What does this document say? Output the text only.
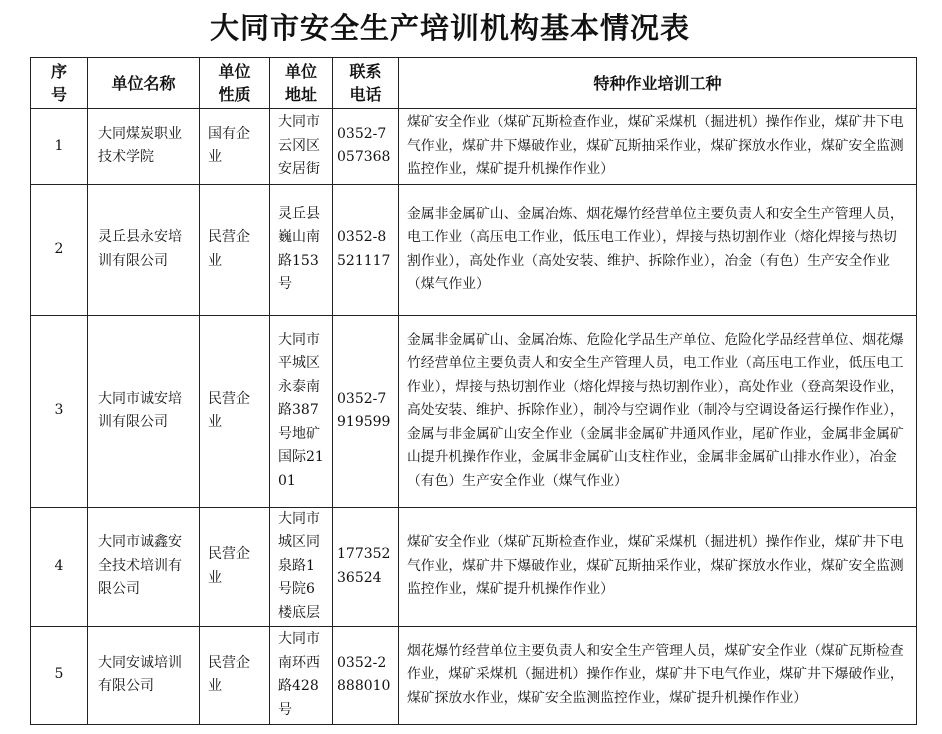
大同市安全生产培训机构基本情况表
序号	单位名称	单位性质	单位地址	联系电话	特种作业培训工种
1	大同煤炭职业技术学院	国有企业	大同市云冈区安居街	0352-7057368	煤矿安全作业（煤矿瓦斯检查作业，煤矿采煤机（掘进机）操作作业，煤矿井下电气作业，煤矿井下爆破作业，煤矿瓦斯抽采作业，煤矿探放水作业，煤矿安全监测监控作业，煤矿提升机操作作业）
2	灵丘县永安培训有限公司	民营企业	灵丘县巍山南路153号	0352-8521117	金属非金属矿山、金属冶炼、烟花爆竹经营单位主要负责人和安全生产管理人员，电工作业（高压电工作业，低压电工作业），焊接与热切割作业（熔化焊接与热切割作业），高处作业（高处安装、维护、拆除作业），冶金（有色）生产安全作业（煤气作业）
3	大同市诚安培训有限公司	民营企业	大同市平城区永泰南路387号地矿国际2101	0352-7919599	金属非金属矿山、金属冶炼、危险化学品生产单位、危险化学品经营单位、烟花爆竹经营单位主要负责人和安全生产管理人员，电工作业（高压电工作业，低压电工作业），焊接与热切割作业（熔化焊接与热切割作业），高处作业（登高架设作业，高处安装、维护、拆除作业），制冷与空调作业（制冷与空调设备运行操作作业），金属与非金属矿山安全作业（金属非金属矿井通风作业，尾矿作业，金属非金属矿山提升机操作作业，金属非金属矿山支柱作业，金属非金属矿山排水作业），冶金（有色）生产安全作业（煤气作业）
4	大同市诚鑫安全技术培训有限公司	民营企业	大同市城区同泉路1号院6楼底层	17735236524	煤矿安全作业（煤矿瓦斯检查作业，煤矿采煤机（掘进机）操作作业，煤矿井下电气作业，煤矿井下爆破作业，煤矿瓦斯抽采作业，煤矿探放水作业，煤矿安全监测监控作业，煤矿提升机操作作业）
5	大同安诚培训有限公司	民营企业	大同市南环西路428号	0352-2888010	烟花爆竹经营单位主要负责人和安全生产管理人员，煤矿安全作业（煤矿瓦斯检查作业，煤矿采煤机（掘进机）操作作业，煤矿井下电气作业，煤矿井下爆破作业，煤矿探放水作业，煤矿安全监测监控作业，煤矿提升机操作作业）
